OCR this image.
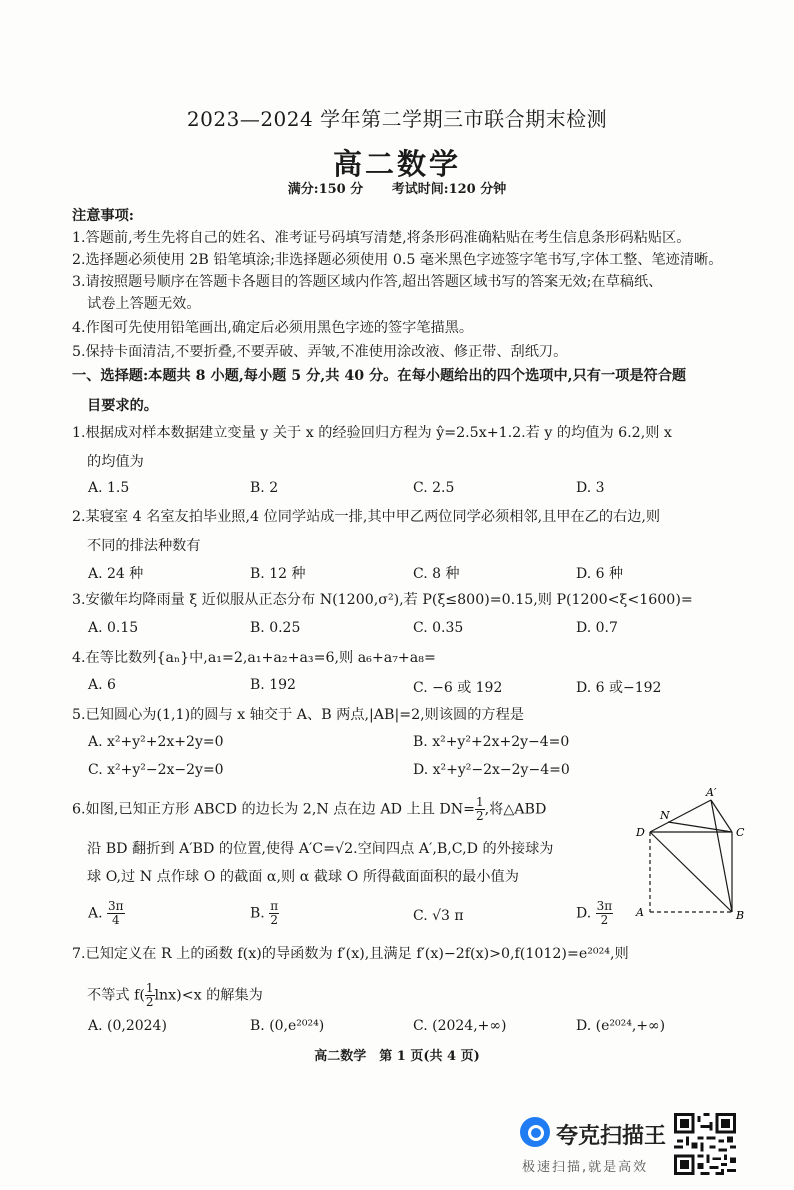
2023—2024 学年第二学期三市联合期末检测
高二数学
满分:150 分 考试时间:120 分钟
注意事项:
1.答题前,考生先将自己的姓名、准考证号码填写清楚,将条形码准确粘贴在考生信息条形码粘贴区。
2.选择题必须使用 2B 铅笔填涂;非选择题必须使用 0.5 毫米黑色字迹签字笔书写,字体工整、笔迹清晰。
3.请按照题号顺序在答题卡各题目的答题区域内作答,超出答题区域书写的答案无效;在草稿纸、
试卷上答题无效。
4.作图可先使用铅笔画出,确定后必须用黑色字迹的签字笔描黑。
5.保持卡面清洁,不要折叠,不要弄破、弄皱,不准使用涂改液、修正带、刮纸刀。
一、选择题:本题共 8 小题,每小题 5 分,共 40 分。在每小题给出的四个选项中,只有一项是符合题
目要求的。
1.根据成对样本数据建立变量 y 关于 x 的经验回归方程为 ŷ=2.5x+1.2.若 y 的均值为 6.2,则 x
的均值为
A. 1.5	B. 2	C. 2.5	D. 3
2.某寝室 4 名室友拍毕业照,4 位同学站成一排,其中甲乙两位同学必须相邻,且甲在乙的右边,则
不同的排法种数有
A. 24 种	B. 12 种	C. 8 种	D. 6 种
3.安徽年均降雨量 ξ 近似服从正态分布 N(1200,σ²),若 P(ξ≤800)=0.15,则 P(1200<ξ<1600)=
A. 0.15	B. 0.25	C. 0.35	D. 0.7
4.在等比数列{aₙ}中,a₁=2,a₁+a₂+a₃=6,则 a₆+a₇+a₈=
A. 6	B. 192	C. −6 或 192	D. 6 或−192
5.已知圆心为(1,1)的圆与 x 轴交于 A、B 两点,|AB|=2,则该圆的方程是
A. x²+y²+2x+2y=0	B. x²+y²+2x+2y−4=0
C. x²+y²−2x−2y=0	D. x²+y²−2x−2y−4=0
6.如图,已知正方形 ABCD 的边长为 2,N 点在边 AD 上且 $DN= \frac{1}{2}$ ,将△ABD
沿 BD 翻折到 A′BD 的位置,使得 A′C=√2.空间四点 A′,B,C,D 的外接球为
球 O,过 N 点作球 O 的截面 α,则 α 截球 O 所得截面面积的最小值为
A. $\frac{3\pi}{4}$	B. $\frac{\pi}{2}$	C. √3 π	D. $\frac{3\pi}{2}$
A′
N
D	C
A	B
7.已知定义在 R 上的函数 f(x)的导函数为 f′(x),且满足 f′(x)−2f(x)>0,f(1012)=e²⁰²⁴,则
不等式 $f( \frac{1}{2} \ln x)<x$ 的解集为
A. (0,2024)	B. (0,e²⁰²⁴)	C. (2024,+∞)	D. (e²⁰²⁴,+∞)
高二数学　第 1 页(共 4 页)
夸克扫描王
极速扫描,就是高效
